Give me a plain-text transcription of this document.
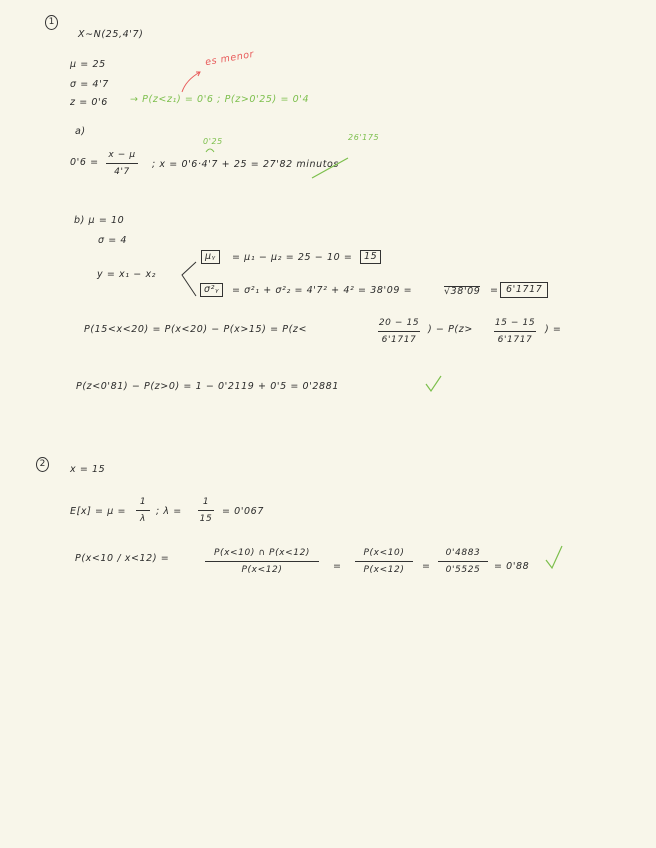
1
X∼N(25,4'7)
μ = 25
σ = 4'7
z = 0'6 → P(z<z₁) = 0'6 ; P(z>0'25) = 0'4
es menor
a)
0'6 =
x − μ
4'7
; x = 0'6·4'7 + 25 = 27'82 minutos
0'25	26'175
b) μ = 10
σ = 4
y = x₁ − x₂
μᵧ	= μ₁ − μ₂ = 25 − 10 =	15
σ²ᵧ	= σ²₁ + σ²₂ = 4'7² + 4² = 38'09 =	√38'09 = 6'1717
P(15<x<20) = P(x<20) − P(x>15) = P(z<
20 − 15
6'1717
) − P(z>
15 − 15
6'1717
) =
P(z<0'81) − P(z>0) = 1 − 0'2119 + 0'5 = 0'2881
2	x = 15
E[x] = μ =
1
λ
; λ =
1
15
= 0'067
P(x<10 / x<12) =	P(x<10) ∩ P(x<12)
P(x<12)	=
P(x<10)
P(x<12)	=
0'4883
0'5525	= 0'88
